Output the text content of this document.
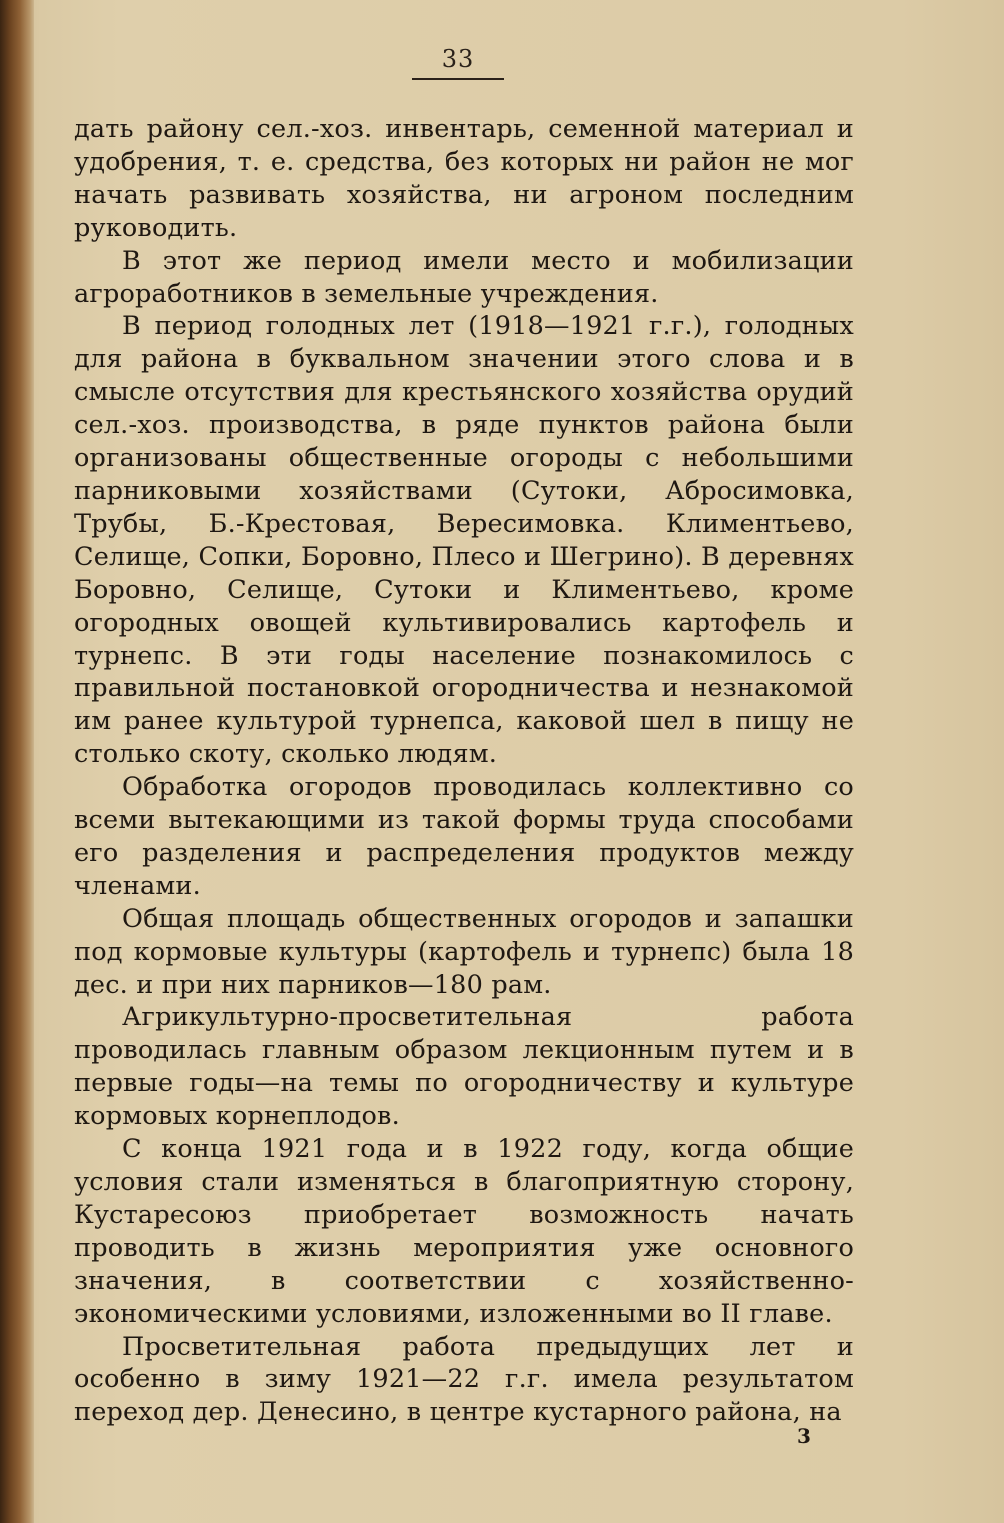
33

дать району сел.-хоз. инвентарь, семенной материал и удобрения, т. е. средства, без которых ни район не мог начать развивать хозяйства, ни агроном последним руководить.

В этот же период имели место и мобилизации агроработников в земельные учреждения.

В период голодных лет (1918—1921 г.г.), голодных для района в буквальном значении этого слова и в смысле отсутствия для крестьянского хозяйства орудий сел.-хоз. производства, в ряде пунктов района были организованы общественные огороды с небольшими парниковыми хозяйствами (Сутоки, Абросимовка, Трубы, Б.-Крестовая, Вересимовка. Климентьево, Селище, Сопки, Боровно, Плесо и Шегрино). В деревнях Боровно, Селище, Сутоки и Климентьево, кроме огородных овощей культивировались картофель и турнепс. В эти годы население познакомилось с правильной постановкой огородничества и незнакомой им ранее культурой турнепса, каковой шел в пищу не столько скоту, сколько людям.

Обработка огородов проводилась коллективно со всеми вытекающими из такой формы труда способами его разделения и распределения продуктов между членами.

Общая площадь общественных огородов и запашки под кормовые культуры (картофель и турнепс) была 18 дес. и при них парников—180 рам.

Агрикультурно-просветительная работа проводилась главным образом лекционным путем и в первые годы—на темы по огородничеству и культуре кормовых корнеплодов.

С конца 1921 года и в 1922 году, когда общие условия стали изменяться в благоприятную сторону, Кустаресоюз приобретает возможность начать проводить в жизнь мероприятия уже основного значения, в соответствии с хозяйственно-экономическими условиями, изложенными во II главе.

Просветительная работа предыдущих лет и особенно в зиму 1921—22 г.г. имела результатом переход дер. Денесино, в центре кустарного района, на

3
